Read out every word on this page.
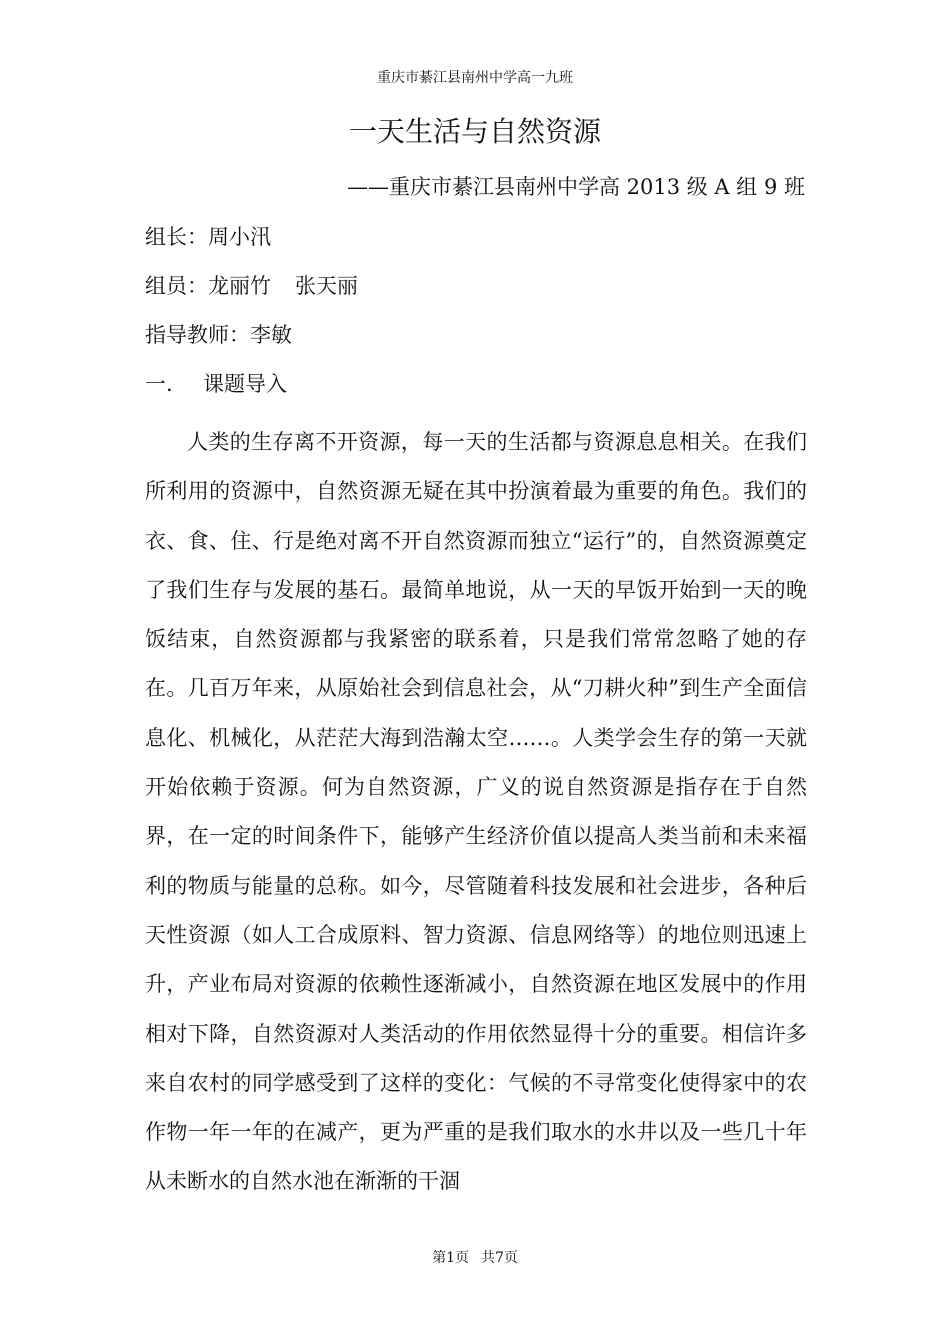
重庆市綦江县南州中学高一九班
一天生活与自然资源
——重庆市綦江县南州中学高 2013 级 A 组 9 班
组长：周小汛
组员：龙丽竹 张天丽
指导教师：李敏
一. 课题导入

人类的生存离不开资源，每一天的生活都与资源息息相关。在我们所利用的资源中，自然资源无疑在其中扮演着最为重要的角色。我们的衣、食、住、行是绝对离不开自然资源而独立“运行”的，自然资源奠定了我们生存与发展的基石。最简单地说，从一天的早饭开始到一天的晚饭结束，自然资源都与我紧密的联系着，只是我们常常忽略了她的存在。几百万年来，从原始社会到信息社会，从“刀耕火种”到生产全面信息化、机械化，从茫茫大海到浩瀚太空……。人类学会生存的第一天就开始依赖于资源。何为自然资源，广义的说自然资源是指存在于自然界，在一定的时间条件下，能够产生经济价值以提高人类当前和未来福利的物质与能量的总称。如今，尽管随着科技发展和社会进步，各种后天性资源（如人工合成原料、智力资源、信息网络等）的地位则迅速上升，产业布局对资源的依赖性逐渐减小，自然资源在地区发展中的作用相对下降，自然资源对人类活动的作用依然显得十分的重要。相信许多来自农村的同学感受到了这样的变化：气候的不寻常变化使得家中的农作物一年一年的在减产，更为严重的是我们取水的水井以及一些几十年从未断水的自然水池在渐渐的干涸

第1页 共7页
